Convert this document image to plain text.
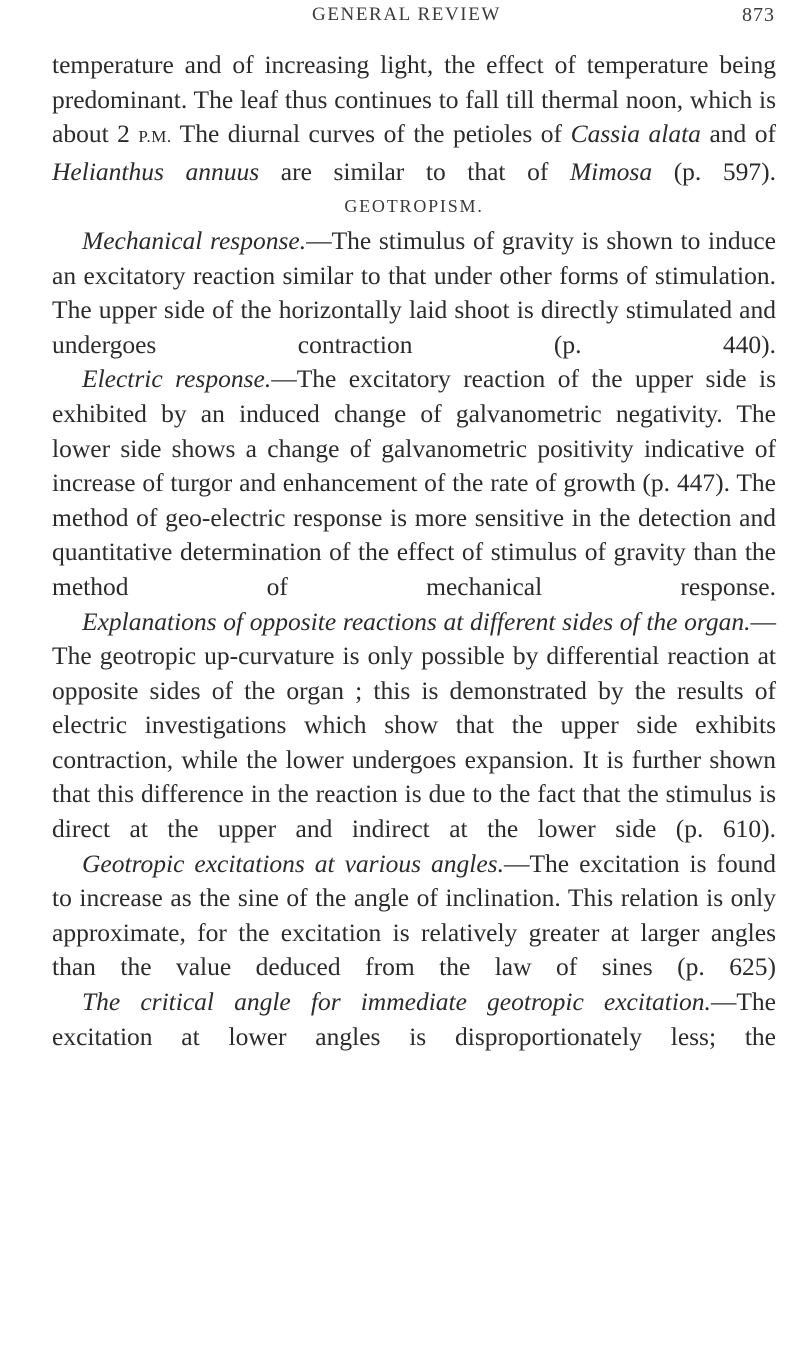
GENERAL REVIEW	873

temperature and of increasing light, the effect of temperature being predominant. The leaf thus continues to fall till thermal noon, which is about 2 P.M. The diurnal curves of the petioles of Cassia alata and of Helianthus annuus are similar to that of Mimosa (p. 597).

GEOTROPISM.

Mechanical response.—The stimulus of gravity is shown to induce an excitatory reaction similar to that under other forms of stimulation. The upper side of the horizontally laid shoot is directly stimulated and undergoes contraction (p. 440).

Electric response.—The excitatory reaction of the upper side is exhibited by an induced change of galvanometric negativity. The lower side shows a change of galvanometric positivity indicative of increase of turgor and enhancement of the rate of growth (p. 447). The method of geo-electric response is more sensitive in the detection and quantitative determination of the effect of stimulus of gravity than the method of mechanical response.

Explanations of opposite reactions at different sides of the organ.—The geotropic up-curvature is only possible by differential reaction at opposite sides of the organ ; this is demonstrated by the results of electric investigations which show that the upper side exhibits contraction, while the lower undergoes expansion. It is further shown that this difference in the reaction is due to the fact that the stimulus is direct at the upper and indirect at the lower side (p. 610).

Geotropic excitations at various angles.—The excitation is found to increase as the sine of the angle of inclination. This relation is only approximate, for the excitation is relatively greater at larger angles than the value deduced from the law of sines (p. 625)

The critical angle for immediate geotropic excitation.—The excitation at lower angles is disproportionately less; the
